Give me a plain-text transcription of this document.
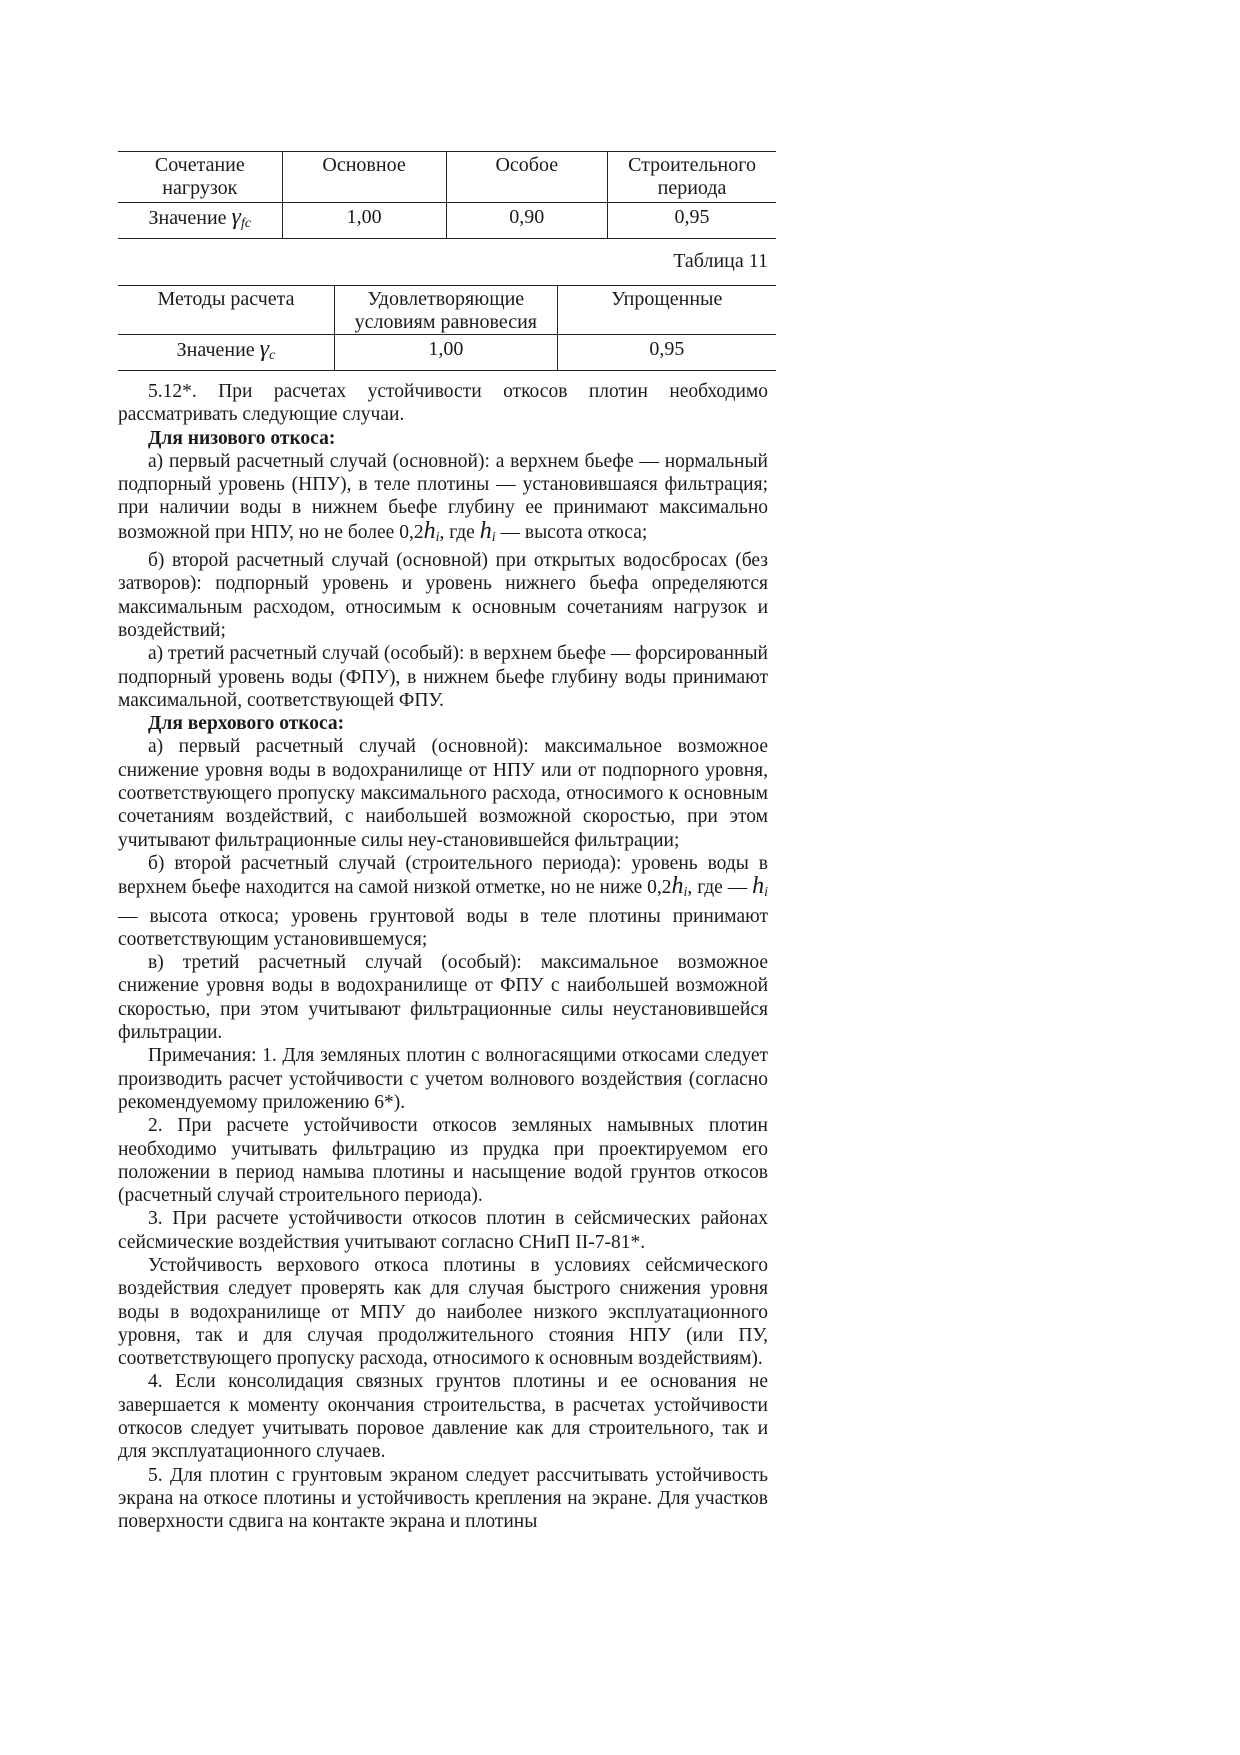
Сочетание нагрузок	Основное	Особое	Строительного периода
Значение γfc	1,00	0,90	0,95
Таблица 11
Методы расчета	Удовлетворяющие условиям равновесия	Упрощенные
Значение γc	1,00	0,95

5.12*. При расчетах устойчивости откосов плотин необходимо рассматривать следующие случаи.

Для низового откоса:

а) первый расчетный случай (основной): а верхнем бьефе — нормальный подпорный уровень (НПУ), в теле плотины — установившаяся фильтрация; при наличии воды в нижнем бьефе глубину ее принимают максимально возможной при НПУ, но не более 0,2hi, где hi — высота откоса;

б) второй расчетный случай (основной) при открытых водосбросах (без затворов): подпорный уровень и уровень нижнего бьефа определяются максимальным расходом, относимым к основным сочетаниям нагрузок и воздействий;

а) третий расчетный случай (особый): в верхнем бьефе — форсированный подпорный уровень воды (ФПУ), в нижнем бьефе глубину воды принимают максимальной, соответствующей ФПУ.

Для верхового откоса:

а) первый расчетный случай (основной): максимальное возможное снижение уровня воды в водохранилище от НПУ или от подпорного уровня, соответствующего пропуску максимального расхода, относимого к основным сочетаниям воздействий, с наибольшей возможной скоростью, при этом учитывают фильтрационные силы неу-становившейся фильтрации;

б) второй расчетный случай (строительного периода): уровень воды в верхнем бьефе находится на самой низкой отметке, но не ниже 0,2hi, где — hi — высота откоса; уровень грунтовой воды в теле плотины принимают соответствующим установившемуся;

в) третий расчетный случай (особый): максимальное возможное снижение уровня воды в водохранилище от ФПУ с наибольшей возможной скоростью, при этом учитывают фильтрационные силы неустановившейся фильтрации.

Примечания: 1. Для земляных плотин с волногасящими откосами следует производить расчет устойчивости с учетом волнового воздействия (согласно рекомендуемому приложению 6*).

2. При расчете устойчивости откосов земляных намывных плотин необходимо учитывать фильтрацию из прудка при проектируемом его положении в период намыва плотины и насыщение водой грунтов откосов (расчетный случай строительного периода).

3. При расчете устойчивости откосов плотин в сейсмических районах сейсмические воздействия учитывают согласно СНиП II-7-81*.

Устойчивость верхового откоса плотины в условиях сейсмического воздействия следует проверять как для случая быстрого снижения уровня воды в водохранилище от МПУ до наиболее низкого эксплуатационного уровня, так и для случая продолжительного стояния НПУ (или ПУ, соответствующего пропуску расхода, относимого к основным воздействиям).

4. Если консолидация связных грунтов плотины и ее основания не завершается к моменту окончания строительства, в расчетах устойчивости откосов следует учитывать поровое давление как для строительного, так и для эксплуатационного случаев.

5. Для плотин с грунтовым экраном следует рассчитывать устойчивость экрана на откосе плотины и устойчивость крепления на экране. Для участков поверхности сдвига на контакте экрана и плотины
